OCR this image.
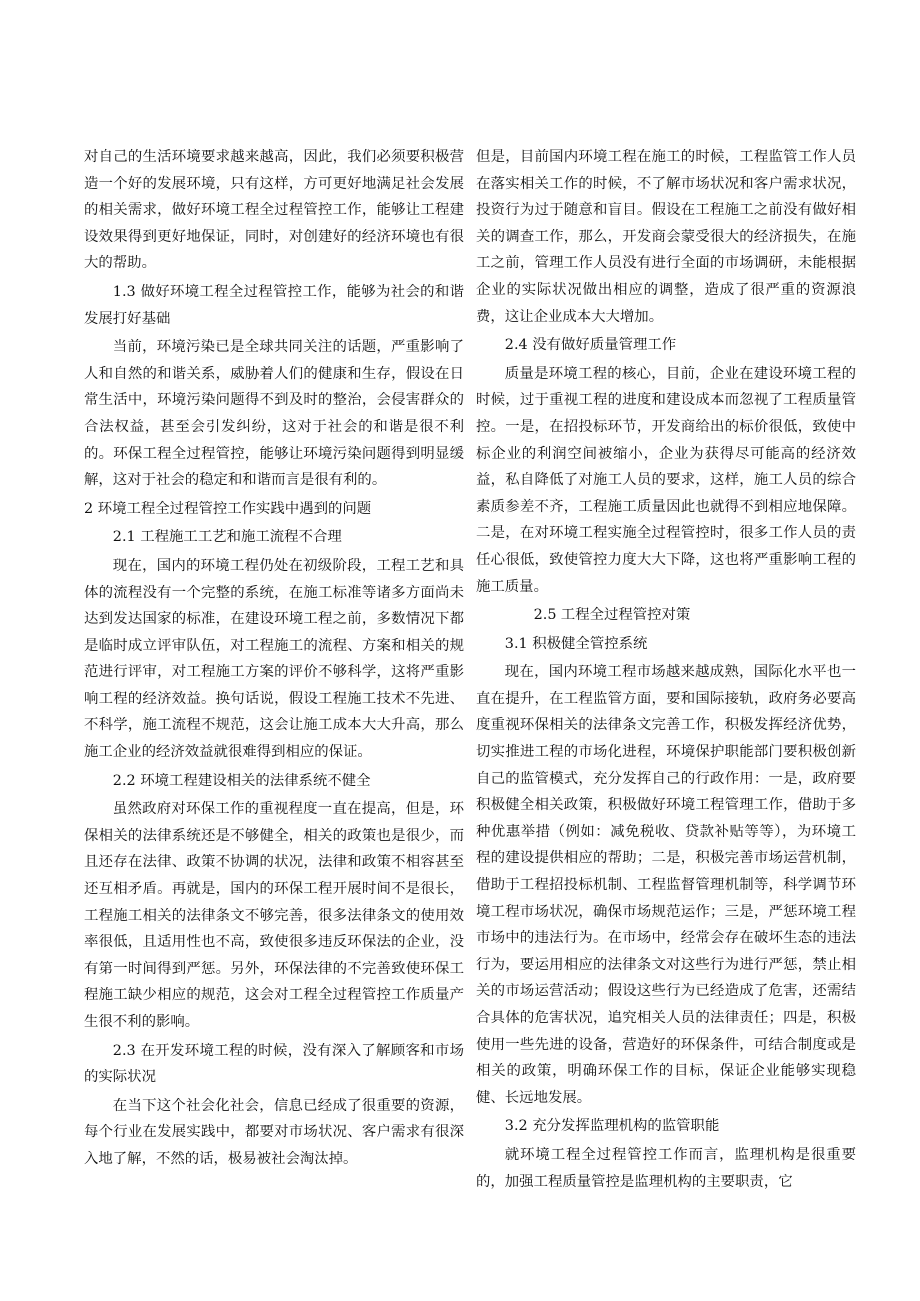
对自己的生活环境要求越来越高，因此，我们必须要积极营造一个好的发展环境，只有这样，方可更好地满足社会发展的相关需求，做好环境工程全过程管控工作，能够让工程建设效果得到更好地保证，同时，对创建好的经济环境也有很大的帮助。

1.3 做好环境工程全过程管控工作，能够为社会的和谐发展打好基础

当前，环境污染已是全球共同关注的话题，严重影响了人和自然的和谐关系，威胁着人们的健康和生存，假设在日常生活中，环境污染问题得不到及时的整治，会侵害群众的合法权益，甚至会引发纠纷，这对于社会的和谐是很不利的。环保工程全过程管控，能够让环境污染问题得到明显缓解，这对于社会的稳定和和谐而言是很有利的。

2 环境工程全过程管控工作实践中遇到的问题

2.1 工程施工工艺和施工流程不合理

现在，国内的环境工程仍处在初级阶段，工程工艺和具体的流程没有一个完整的系统，在施工标准等诸多方面尚未达到发达国家的标准，在建设环境工程之前，多数情况下都是临时成立评审队伍，对工程施工的流程、方案和相关的规范进行评审，对工程施工方案的评价不够科学，这将严重影响工程的经济效益。换句话说，假设工程施工技术不先进、不科学，施工流程不规范，这会让施工成本大大升高，那么施工企业的经济效益就很难得到相应的保证。

2.2 环境工程建设相关的法律系统不健全

虽然政府对环保工作的重视程度一直在提高，但是，环保相关的法律系统还是不够健全，相关的政策也是很少，而且还存在法律、政策不协调的状况，法律和政策不相容甚至还互相矛盾。再就是，国内的环保工程开展时间不是很长，工程施工相关的法律条文不够完善，很多法律条文的使用效率很低，且适用性也不高，致使很多违反环保法的企业，没有第一时间得到严惩。另外，环保法律的不完善致使环保工程施工缺少相应的规范，这会对工程全过程管控工作质量产生很不利的影响。

2.3 在开发环境工程的时候，没有深入了解顾客和市场的实际状况

在当下这个社会化社会，信息已经成了很重要的资源，每个行业在发展实践中，都要对市场状况、客户需求有很深入地了解，不然的话，极易被社会淘汰掉。

但是，目前国内环境工程在施工的时候，工程监管工作人员在落实相关工作的时候，不了解市场状况和客户需求状况，投资行为过于随意和盲目。假设在工程施工之前没有做好相关的调查工作，那么，开发商会蒙受很大的经济损失，在施工之前，管理工作人员没有进行全面的市场调研，未能根据企业的实际状况做出相应的调整，造成了很严重的资源浪费，这让企业成本大大增加。

2.4 没有做好质量管理工作

质量是环境工程的核心，目前，企业在建设环境工程的时候，过于重视工程的进度和建设成本而忽视了工程质量管控。一是，在招投标环节，开发商给出的标价很低，致使中标企业的利润空间被缩小，企业为获得尽可能高的经济效益，私自降低了对施工人员的要求，这样，施工人员的综合素质参差不齐，工程施工质量因此也就得不到相应地保障。二是，在对环境工程实施全过程管控时，很多工作人员的责任心很低，致使管控力度大大下降，这也将严重影响工程的施工质量。

2.5 工程全过程管控对策

3.1 积极健全管控系统

现在，国内环境工程市场越来越成熟，国际化水平也一直在提升，在工程监管方面，要和国际接轨，政府务必要高度重视环保相关的法律条文完善工作，积极发挥经济优势，切实推进工程的市场化进程，环境保护职能部门要积极创新自己的监管模式，充分发挥自己的行政作用：一是，政府要积极健全相关政策，积极做好环境工程管理工作，借助于多种优惠举措（例如：减免税收、贷款补贴等等），为环境工程的建设提供相应的帮助；二是，积极完善市场运营机制，借助于工程招投标机制、工程监督管理机制等，科学调节环境工程市场状况，确保市场规范运作；三是，严惩环境工程市场中的违法行为。在市场中，经常会存在破坏生态的违法行为，要运用相应的法律条文对这些行为进行严惩，禁止相关的市场运营活动；假设这些行为已经造成了危害，还需结合具体的危害状况，追究相关人员的法律责任；四是，积极使用一些先进的设备，营造好的环保条件，可结合制度或是相关的政策，明确环保工作的目标，保证企业能够实现稳健、长远地发展。

3.2 充分发挥监理机构的监管职能

就环境工程全过程管控工作而言，监理机构是很重要的，加强工程质量管控是监理机构的主要职责，它
